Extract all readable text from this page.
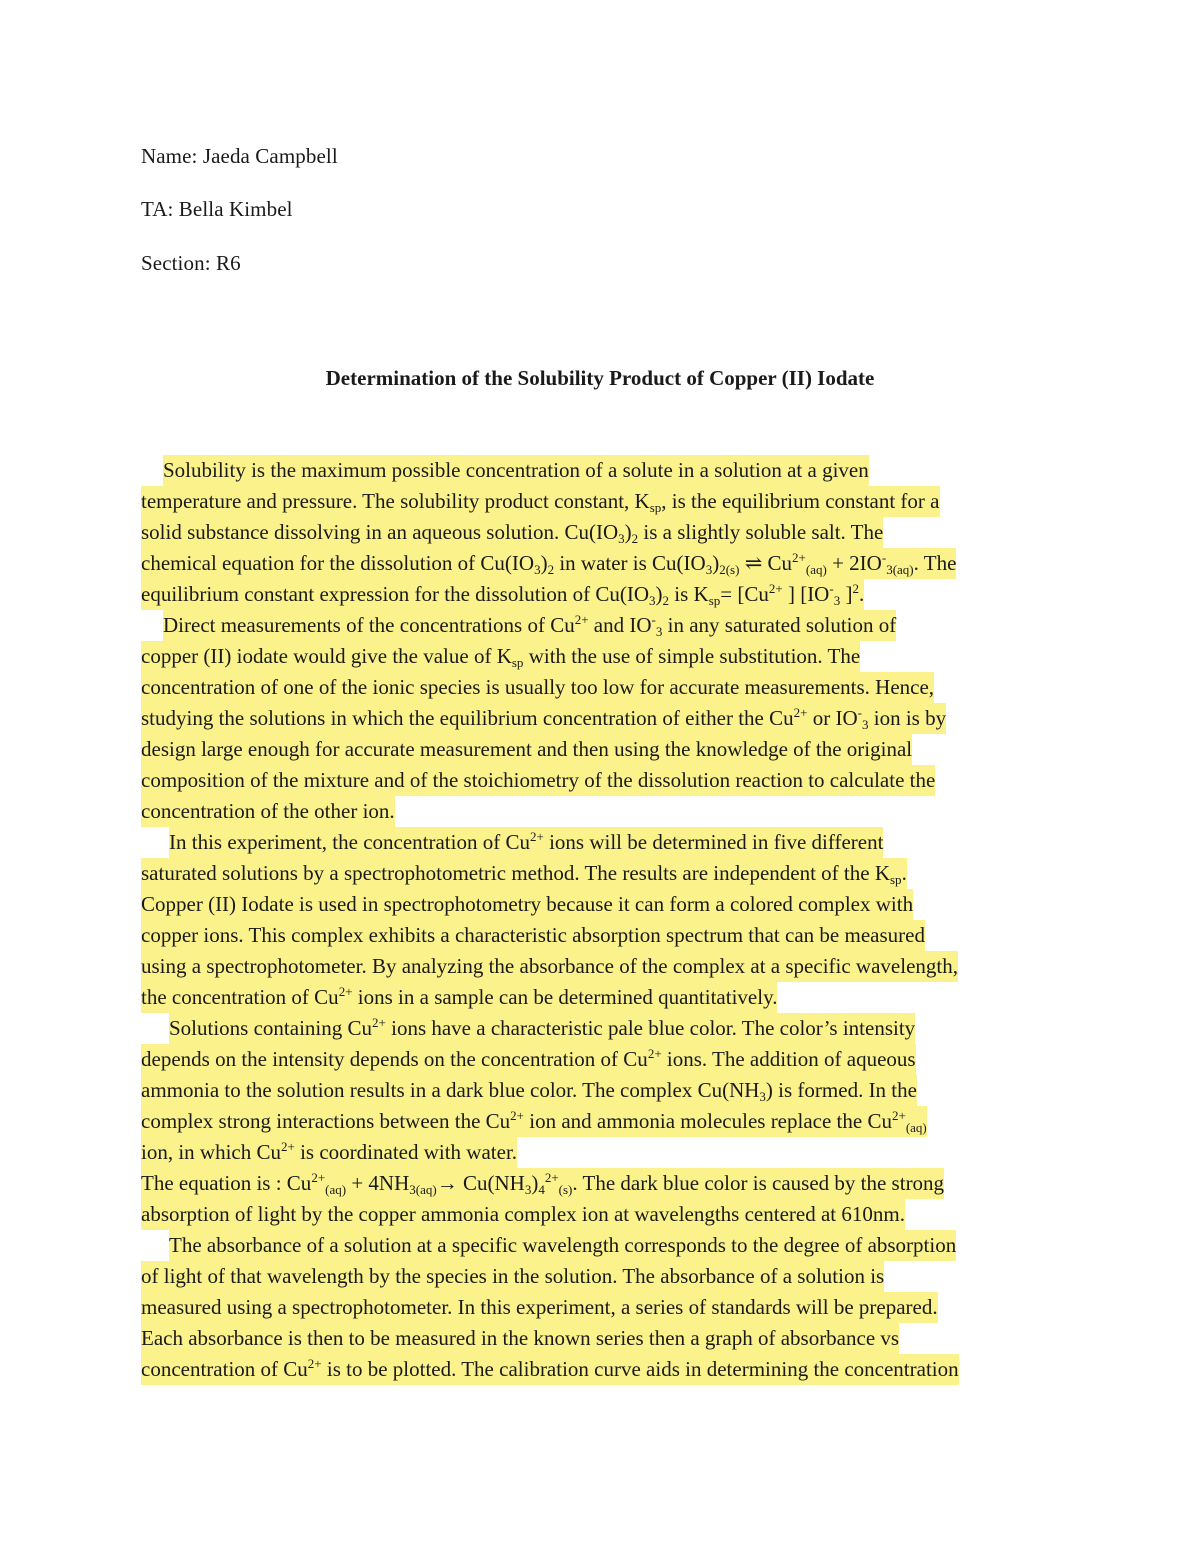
Name: Jaeda Campbell
TA: Bella Kimbel
Section: R6
Determination of the Solubility Product of Copper (II) Iodate
Solubility is the maximum possible concentration of a solute in a solution at a given
temperature and pressure. The solubility product constant, $K_{sp}$, is the equilibrium constant for a
solid substance dissolving in an aqueous solution. $Cu(IO_3)_2$ is a slightly soluble salt. The
chemical equation for the dissolution of $Cu(IO_3)_2$ in water is $Cu(IO_3)_{2(s)}$ ⇌ $Cu^{2+}_{(aq)} + 2IO^-_{3(aq)}$. The
equilibrium constant expression for the dissolution of $Cu(IO_3)_2$ is $K_{sp}= [Cu^{2+}$ ] [$IO^-_3$ ]$^2$.
Direct measurements of the concentrations of $Cu^{2+}$ and $IO^-_3$ in any saturated solution of
copper (II) iodate would give the value of $K_{sp}$ with the use of simple substitution. The
concentration of one of the ionic species is usually too low for accurate measurements. Hence,
studying the solutions in which the equilibrium concentration of either the $Cu^{2+}$ or $IO^-_3$ ion is by
design large enough for accurate measurement and then using the knowledge of the original
composition of the mixture and of the stoichiometry of the dissolution reaction to calculate the
concentration of the other ion.
In this experiment, the concentration of $Cu^{2+}$ ions will be determined in five different
saturated solutions by a spectrophotometric method. The results are independent of the $K_{sp}$.
Copper (II) Iodate is used in spectrophotometry because it can form a colored complex with
copper ions. This complex exhibits a characteristic absorption spectrum that can be measured
using a spectrophotometer. By analyzing the absorbance of the complex at a specific wavelength,
the concentration of $Cu^{2+}$ ions in a sample can be determined quantitatively.
Solutions containing $Cu^{2+}$ ions have a characteristic pale blue color. The color’s intensity
depends on the intensity depends on the concentration of $Cu^{2+}$ ions. The addition of aqueous
ammonia to the solution results in a dark blue color. The complex $Cu(NH_3)$ is formed. In the
complex strong interactions between the $Cu^{2+}$ ion and ammonia molecules replace the $Cu^{2+}_{(aq)}$
ion, in which $Cu^{2+}$ is coordinated with water.
The equation is : $Cu^{2+}_{(aq)} + 4NH_{3(aq)}\to Cu(NH_3)_4^{2+}_{(s)}$. The dark blue color is caused by the strong
absorption of light by the copper ammonia complex ion at wavelengths centered at 610nm.
The absorbance of a solution at a specific wavelength corresponds to the degree of absorption
of light of that wavelength by the species in the solution. The absorbance of a solution is
measured using a spectrophotometer. In this experiment, a series of standards will be prepared.
Each absorbance is then to be measured in the known series then a graph of absorbance vs
concentration of $Cu^{2+}$ is to be plotted. The calibration curve aids in determining the concentration
